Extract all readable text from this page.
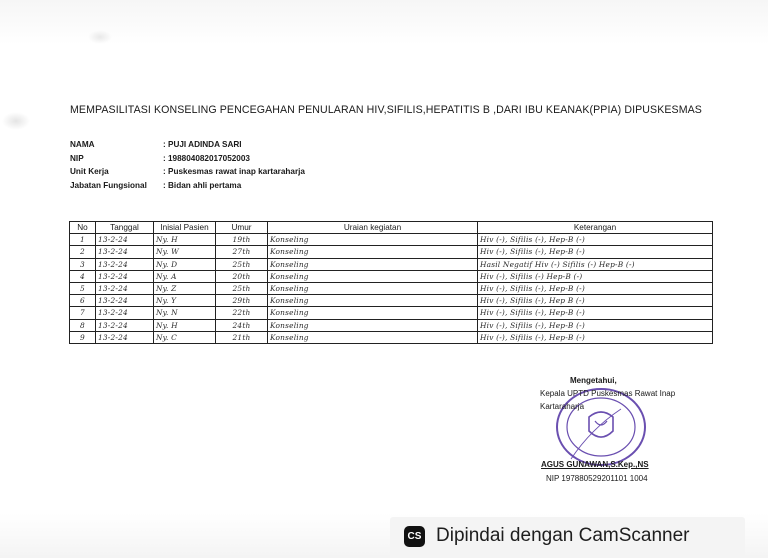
MEMPASILITASI KONSELING PENCEGAHAN PENULARAN HIV,SIFILIS,HEPATITIS B ,DARI IBU KEANAK(PPIA) DIPUSKESMAS
NAMA	: PUJI ADINDA SARI
NIP	: 198804082017052003
Unit Kerja	: Puskesmas rawat inap kartaraharja
Jabatan Fungsional : Bidan ahli pertama
No	Tanggal	Inisial Pasien	Umur	Uraian kegiatan	Keterangan
1	13-2-24	Ny. H	19th	Konseling	Hiv (-), Sifilis (-), Hep-B (-)
2	13-2-24	Ny. W	27th	Konseling	Hiv (-), Sifilis (-), Hep-B (-)
3	13-2-24	Ny. D	25th	Konseling	Hasil Negatif Hiv (-) Sifilis (-) Hep-B (-)
4	13-2-24	Ny. A	20th	Konseling	Hiv (-), Sifilis (-) Hep-B (-)
5	13-2-24	Ny. Z	25th	Konseling	Hiv (-), Sifilis (-), Hep-B (-)
6	13-2-24	Ny. Y	29th	Konseling	Hiv (-), Sifilis (-), Hep B (-)
7	13-2-24	Ny. N	22th	Konseling	Hiv (-), Sifilis (-), Hep-B (-)
8	13-2-24	Ny. H	24th	Konseling	Hiv (-), Sifilis (-), Hep-B (-)
9	13-2-24	Ny. C	21th	Konseling	Hiv (-), Sifilis (-), Hep-B (-)
Mengetahui,
Kepala UPTD Puskesmas Rawat Inap
Kartaraharja
AGUS GUNAWAN,S.Kep.,NS
NIP 197880529201101 1004
CS Dipindai dengan CamScanner
